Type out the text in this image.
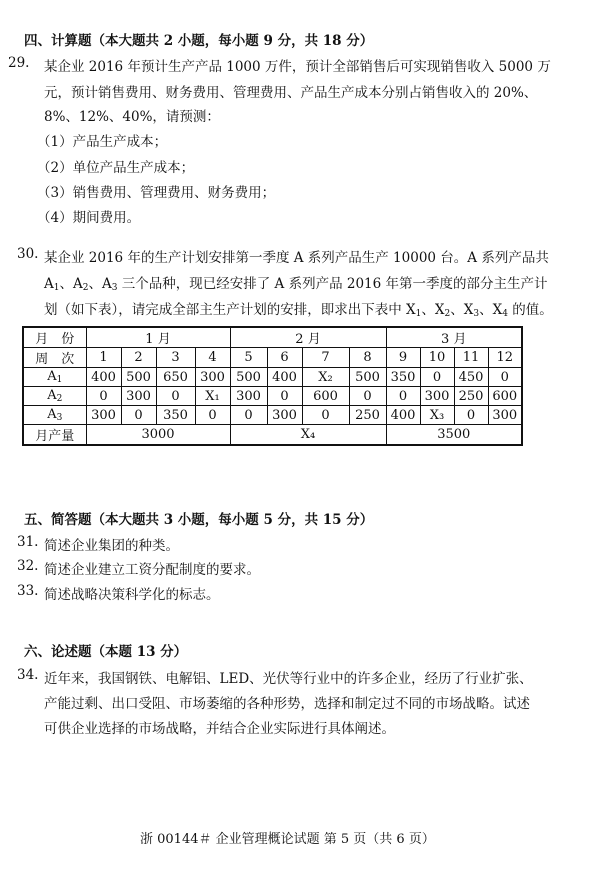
四、计算题（本大题共 2 小题，每小题 9 分，共 18 分）
29. 某企业 2016 年预计生产产品 1000 万件，预计全部销售后可实现销售收入 5000 万
元，预计销售费用、财务费用、管理费用、产品生产成本分别占销售收入的 20%、
8%、12%、40%，请预测：
（1）产品生产成本；
（2）单位产品生产成本；
（3）销售费用、管理费用、财务费用；
（4）期间费用。
30. 某企业 2016 年的生产计划安排第一季度 A 系列产品生产 10000 台。A 系列产品共
$A_1$、$A_2$、$A_3$ 三个品种，现已经安排了 A 系列产品 2016 年第一季度的部分主生产计
划（如下表），请完成全部主生产计划的安排，即求出下表中 $X_1$、$X_2$、$X_3$、$X_4$ 的值。
月　份	1 月				2 月				3 月			
周　次	1	2	3	4	5	6	7	8	9	10	11	12
$A_1$	400	500	650	300	500	400	X₂	500	350	0	450	0
$A_2$	0	300	0	X₁	300	0	600	0	0	300	250	600
$A_3$	300	0	350	0	0	300	0	250	400	X₃	0	300
月产量	3000				X₄				3500			
五、简答题（本大题共 3 小题，每小题 5 分，共 15 分）
31. 简述企业集团的种类。
32. 简述企业建立工资分配制度的要求。
33. 简述战略决策科学化的标志。
六、论述题（本题 13 分）
34. 近年来，我国钢铁、电解铝、LED、光伏等行业中的许多企业，经历了行业扩张、
产能过剩、出口受阻、市场萎缩的各种形势，选择和制定过不同的市场战略。试述
可供企业选择的市场战略，并结合企业实际进行具体阐述。
浙 00144＃ 企业管理概论试题 第 5 页（共 6 页）
